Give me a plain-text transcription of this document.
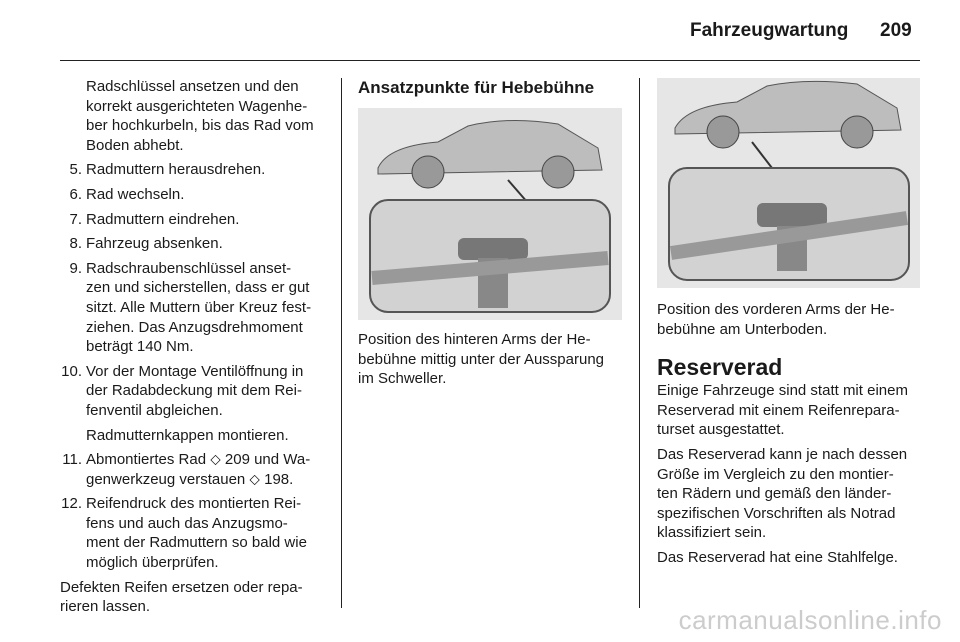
Fahrzeugwartung 209
Radschlüssel ansetzen und den
korrekt ausgerichteten Wagenhe-
ber hochkurbeln, bis das Rad vom
Boden abhebt.
5. Radmuttern herausdrehen.
6. Rad wechseln.
7. Radmuttern eindrehen.
8. Fahrzeug absenken.
9. Radschraubenschlüssel anset-
zen und sicherstellen, dass er gut
sitzt. Alle Muttern über Kreuz fest-
ziehen. Das Anzugsdrehmoment
beträgt 140 Nm.
10. Vor der Montage Ventilöffnung in
der Radabdeckung mit dem Rei-
fenventil abgleichen.
Radmutternkappen montieren.
11. Abmontiertes Rad ⬦ 209 und Wa-
genwerkzeug verstauen ⬦ 198.
12. Reifendruck des montierten Rei-
fens und auch das Anzugsmo-
ment der Radmuttern so bald wie
möglich überprüfen.
Defekten Reifen ersetzen oder repa-
rieren lassen.
Ansatzpunkte für Hebebühne
Position des hinteren Arms der He-
bebühne mittig unter der Aussparung
im Schweller.
Position des vorderen Arms der He-
bebühne am Unterboden.
Reserverad
Einige Fahrzeuge sind statt mit einem
Reserverad mit einem Reifenrepara-
turset ausgestattet.
Das Reserverad kann je nach dessen
Größe im Vergleich zu den montier-
ten Rädern und gemäß den länder-
spezifischen Vorschriften als Notrad
klassifiziert sein.
Das Reserverad hat eine Stahlfelge.
carmanualsonline.info
